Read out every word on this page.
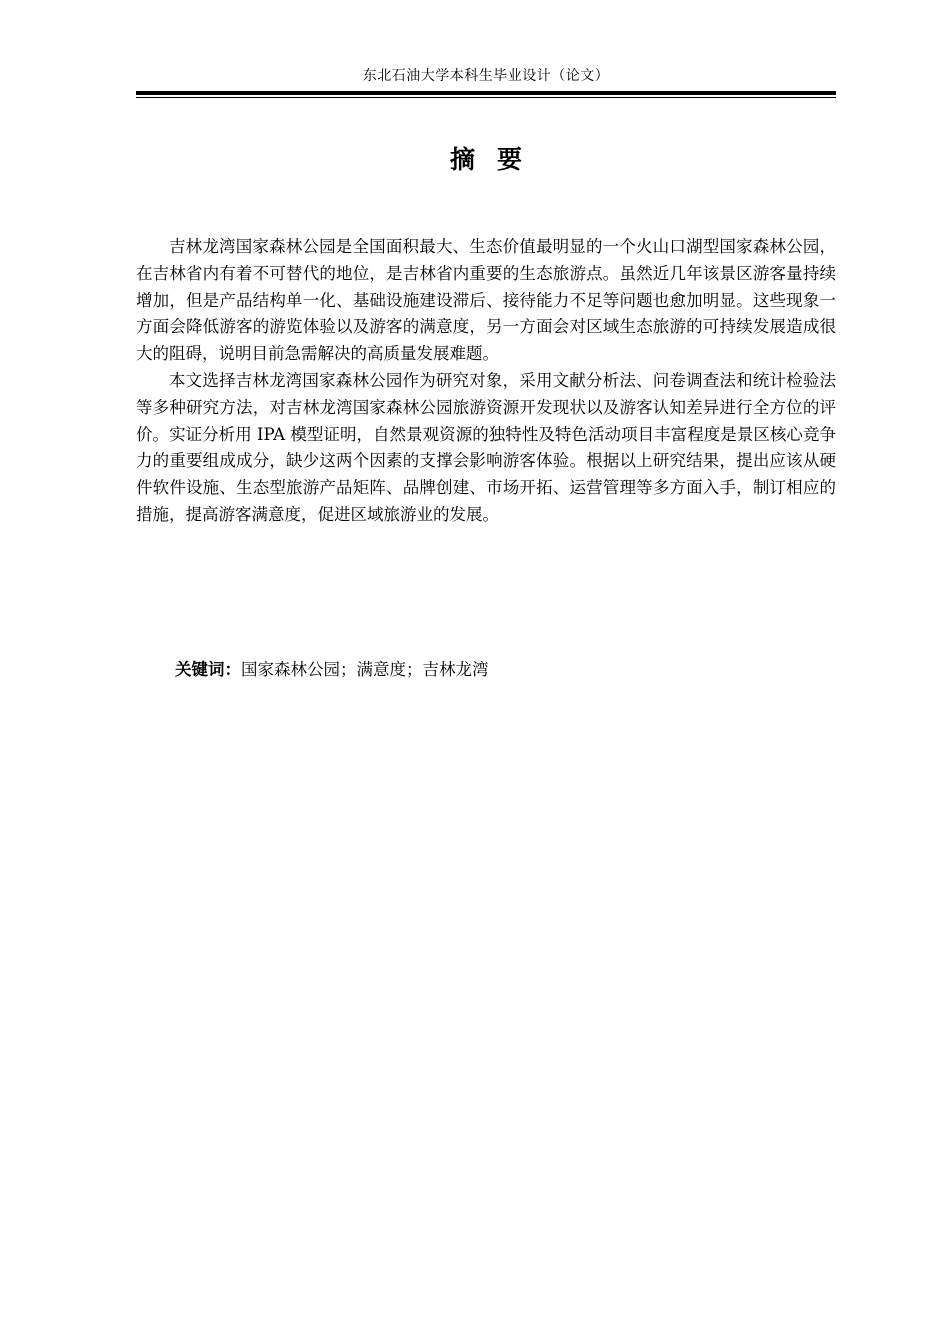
东北石油大学本科生毕业设计（论文）
摘要

吉林龙湾国家森林公园是全国面积最大、生态价值最明显的一个火山口湖型国家森林公园，在吉林省内有着不可替代的地位，是吉林省内重要的生态旅游点。虽然近几年该景区游客量持续增加，但是产品结构单一化、基础设施建设滞后、接待能力不足等问题也愈加明显。这些现象一方面会降低游客的游览体验以及游客的满意度，另一方面会对区域生态旅游的可持续发展造成很大的阻碍，说明目前急需解决的高质量发展难题。

本文选择吉林龙湾国家森林公园作为研究对象，采用文献分析法、问卷调查法和统计检验法等多种研究方法，对吉林龙湾国家森林公园旅游资源开发现状以及游客认知差异进行全方位的评价。实证分析用 IPA 模型证明，自然景观资源的独特性及特色活动项目丰富程度是景区核心竞争力的重要组成成分，缺少这两个因素的支撑会影响游客体验。根据以上研究结果，提出应该从硬件软件设施、生态型旅游产品矩阵、品牌创建、市场开拓、运营管理等多方面入手，制订相应的措施，提高游客满意度，促进区域旅游业的发展。

关键词：国家森林公园；满意度；吉林龙湾
